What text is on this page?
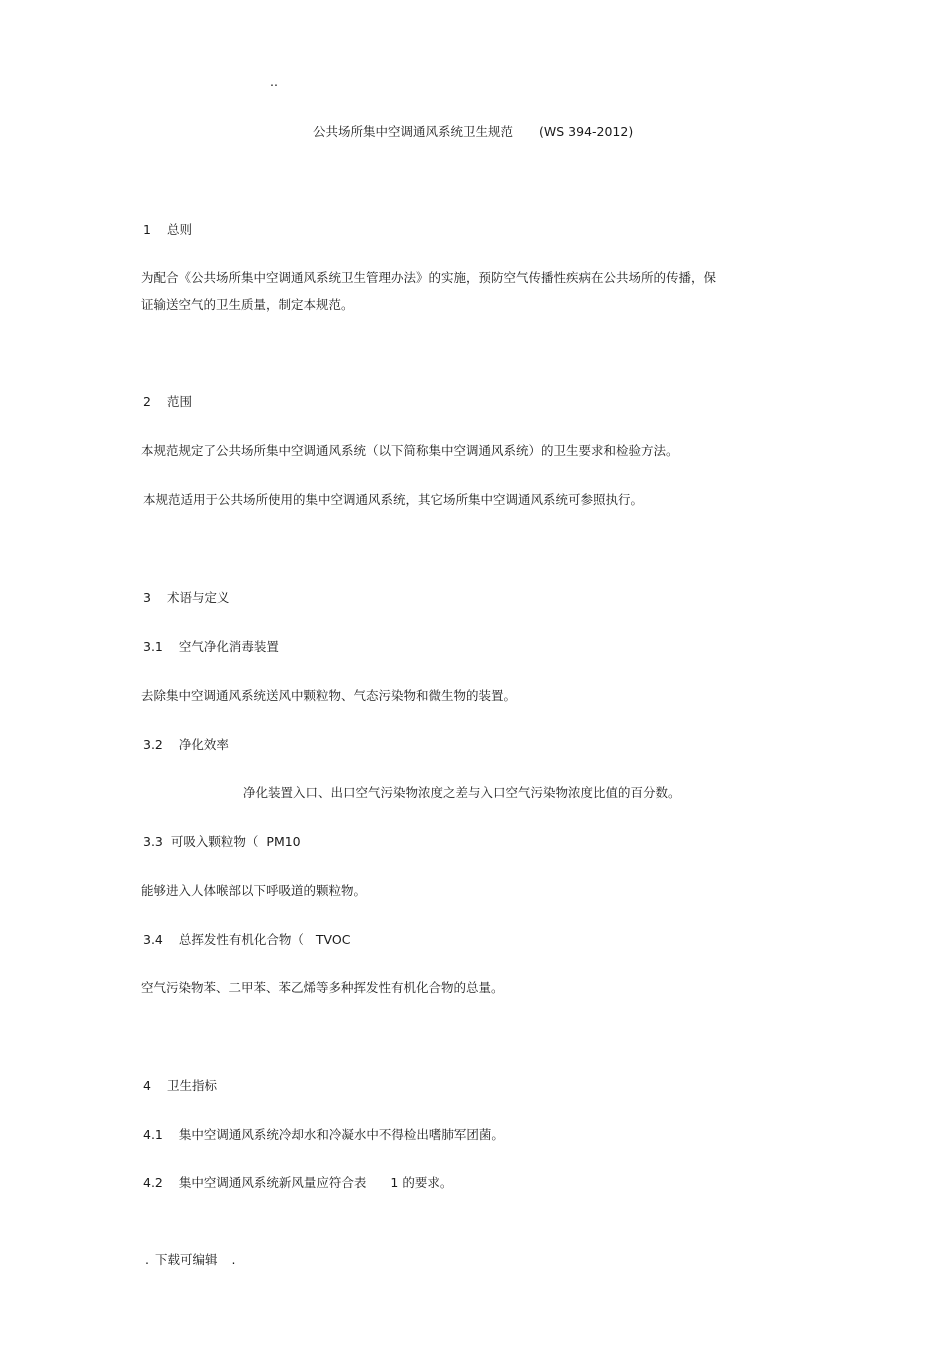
..
公共场所集中空调通风系统卫生规范 (WS 394-2012)
1 总则
为配合《公共场所集中空调通风系统卫生管理办法》的实施，预防空气传播性疾病在公共场所的传播，保
证输送空气的卫生质量，制定本规范。
2 范围
本规范规定了公共场所集中空调通风系统（以下简称集中空调通风系统）的卫生要求和检验方法。
本规范适用于公共场所使用的集中空调通风系统，其它场所集中空调通风系统可参照执行。
3 术语与定义
3.1 空气净化消毒装置
去除集中空调通风系统送风中颗粒物、气态污染物和微生物的装置。
3.2 净化效率
净化装置入口、出口空气污染物浓度之差与入口空气污染物浓度比值的百分数。
3.3 可吸入颗粒物（ PM10
能够进入人体喉部以下呼吸道的颗粒物。
3.4 总挥发性有机化合物（ TVOC
空气污染物苯、二甲苯、苯乙烯等多种挥发性有机化合物的总量。
4 卫生指标
4.1 集中空调通风系统冷却水和冷凝水中不得检出嗜肺军团菌。
4.2 集中空调通风系统新风量应符合表 1 的要求。
. 下载可编辑 .
